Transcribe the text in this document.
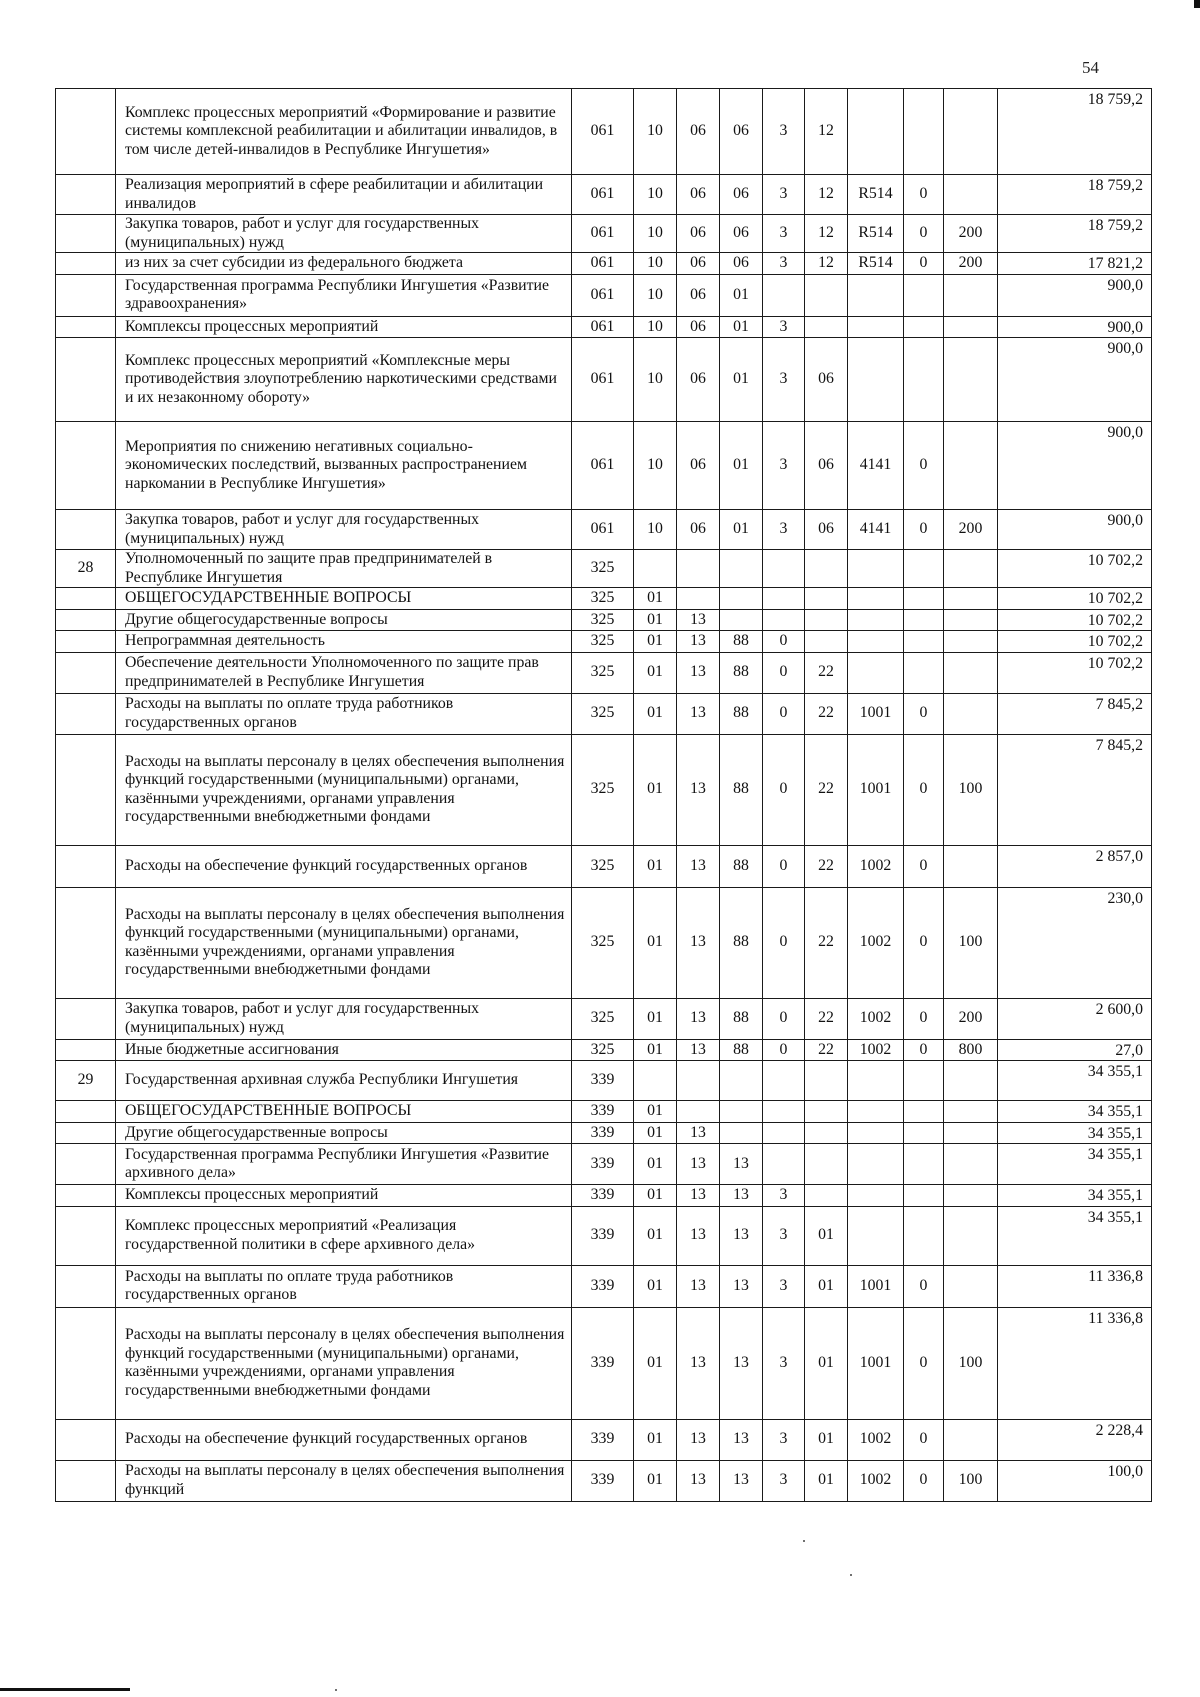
54
	Комплекс процессных мероприятий «Формирование и развитие системы комплексной реабилитации и абилитации инвалидов, в том числе детей-инвалидов в Республике Ингушетия»	061	10	06	06	3	12				18 759,2
	Реализация мероприятий в сфере реабилитации и абилитации инвалидов	061	10	06	06	3	12	R514	0		18 759,2
	Закупка товаров, работ и услуг для государственных (муниципальных) нужд	061	10	06	06	3	12	R514	0	200	18 759,2
	из них за счет субсидии из федерального бюджета	061	10	06	06	3	12	R514	0	200	17 821,2
	Государственная программа Республики Ингушетия «Развитие здравоохранения»	061	10	06	01						900,0
	Комплексы процессных мероприятий	061	10	06	01	3					900,0
	Комплекс процессных мероприятий «Комплексные меры противодействия злоупотреблению наркотическими средствами и их незаконному обороту»	061	10	06	01	3	06				900,0
	Мероприятия по снижению негативных социально-экономических последствий, вызванных распространением наркомании в Республике Ингушетия»	061	10	06	01	3	06	4141	0		900,0
	Закупка товаров, работ и услуг для государственных (муниципальных) нужд	061	10	06	01	3	06	4141	0	200	900,0
28	Уполномоченный по защите прав предпринимателей в Республике Ингушетия	325									10 702,2
	ОБЩЕГОСУДАРСТВЕННЫЕ ВОПРОСЫ	325	01								10 702,2
	Другие общегосударственные вопросы	325	01	13							10 702,2
	Непрограммная деятельность	325	01	13	88	0					10 702,2
	Обеспечение деятельности Уполномоченного по защите прав предпринимателей в Республике Ингушетия	325	01	13	88	0	22				10 702,2
	Расходы на выплаты по оплате труда работников государственных органов	325	01	13	88	0	22	1001	0		7 845,2
	Расходы на выплаты персоналу в целях обеспечения выполнения функций государственными (муниципальными) органами, казёнными учреждениями, органами управления государственными внебюджетными фондами	325	01	13	88	0	22	1001	0	100	7 845,2
	Расходы на обеспечение функций государственных органов	325	01	13	88	0	22	1002	0		2 857,0
	Расходы на выплаты персоналу в целях обеспечения выполнения функций государственными (муниципальными) органами, казёнными учреждениями, органами управления государственными внебюджетными фондами	325	01	13	88	0	22	1002	0	100	230,0
	Закупка товаров, работ и услуг для государственных (муниципальных) нужд	325	01	13	88	0	22	1002	0	200	2 600,0
	Иные бюджетные ассигнования	325	01	13	88	0	22	1002	0	800	27,0
29	Государственная архивная служба Республики Ингушетия	339									34 355,1
	ОБЩЕГОСУДАРСТВЕННЫЕ ВОПРОСЫ	339	01								34 355,1
	Другие общегосударственные вопросы	339	01	13							34 355,1
	Государственная программа Республики Ингушетия «Развитие архивного дела»	339	01	13	13						34 355,1
	Комплексы процессных мероприятий	339	01	13	13	3					34 355,1
	Комплекс процессных мероприятий «Реализация государственной политики в сфере архивного дела»	339	01	13	13	3	01				34 355,1
	Расходы на выплаты по оплате труда работников государственных органов	339	01	13	13	3	01	1001	0		11 336,8
	Расходы на выплаты персоналу в целях обеспечения выполнения функций государственными (муниципальными) органами, казёнными учреждениями, органами управления государственными внебюджетными фондами	339	01	13	13	3	01	1001	0	100	11 336,8
	Расходы на обеспечение функций государственных органов	339	01	13	13	3	01	1002	0		2 228,4
	Расходы на выплаты персоналу в целях обеспечения выполнения функций	339	01	13	13	3	01	1002	0	100	100,0
